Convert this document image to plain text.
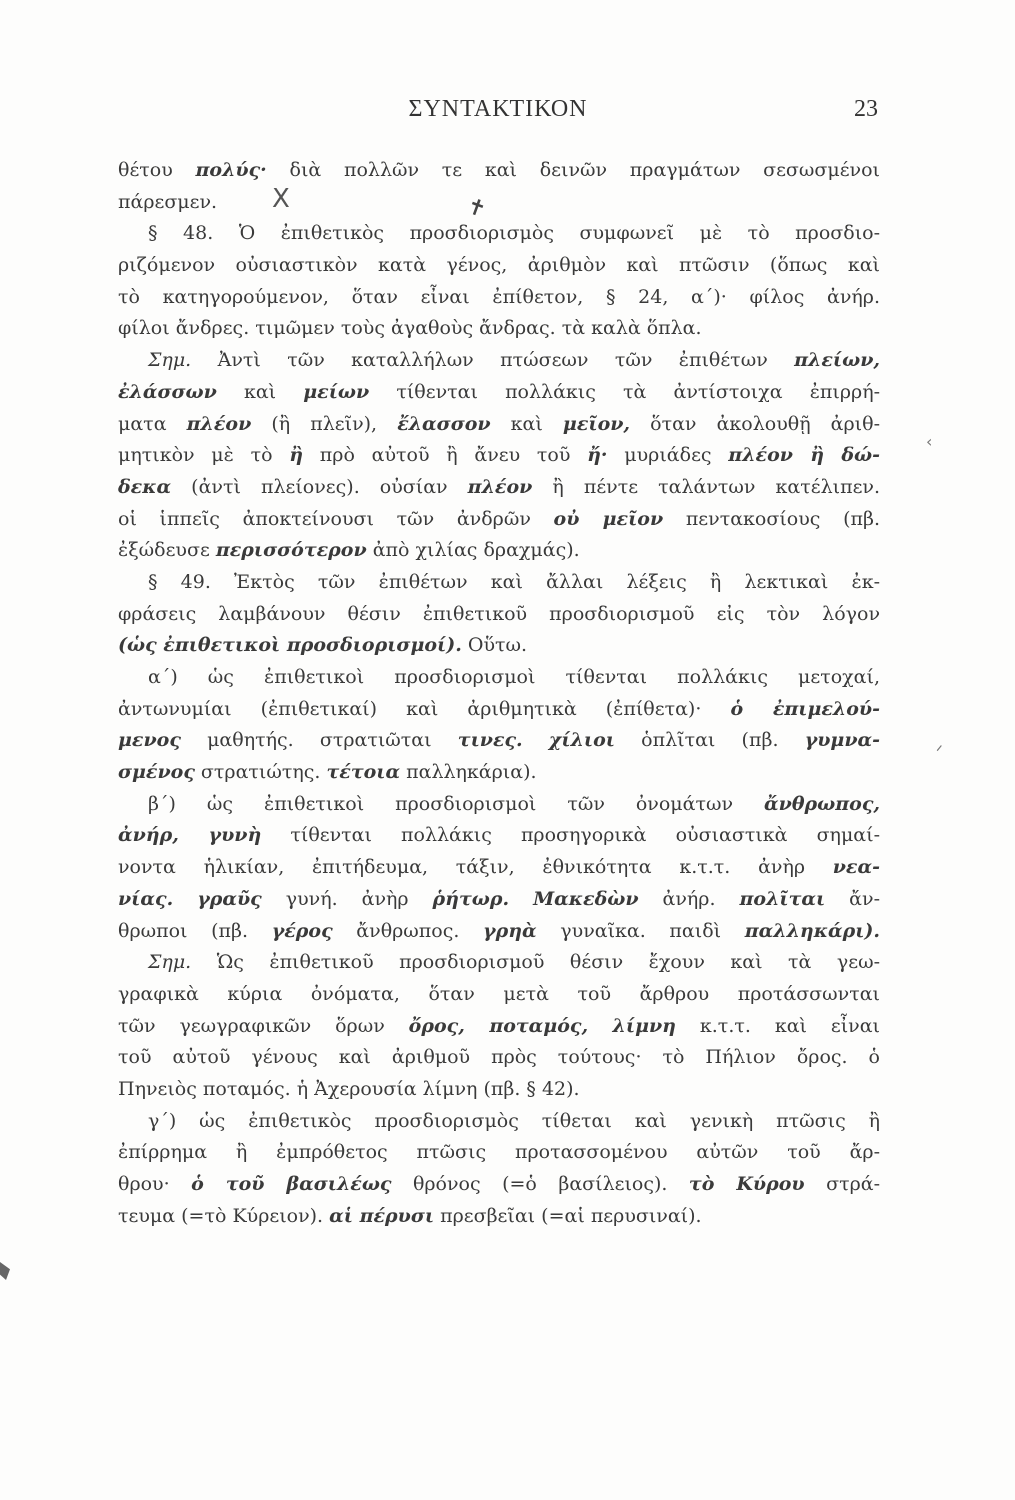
ΣΥΝΤΑΚΤΙΚΟΝ	23
θέτου πολύς· διὰ πολλῶν τε καὶ δεινῶν πραγμάτων σεσωσμένοι
πάρεσμεν.
§ 48. Ὁ ἐπιθετικὸς προσδιορισμὸς συμφωνεῖ μὲ τὸ προσδιο-
ριζόμενον οὐσιαστικὸν κατὰ γένος, ἀριθμὸν καὶ πτῶσιν (ὅπως καὶ
τὸ κατηγορούμενον, ὅταν εἶναι ἐπίθετον, § 24, α΄)· φίλος ἀνήρ.
φίλοι ἄνδρες. τιμῶμεν τοὺς ἀγαθοὺς ἄνδρας. τὰ καλὰ ὅπλα.
Σημ. Ἀντὶ τῶν καταλλήλων πτώσεων τῶν ἐπιθέτων πλείων,
ἐλάσσων καὶ μείων τίθενται πολλάκις τὰ ἀντίστοιχα ἐπιρρή-
ματα πλέον (ἢ πλεῖν), ἔλασσον καὶ μεῖον, ὅταν ἀκολουθῇ ἀριθ-
μητικὸν μὲ τὸ ἢ πρὸ αὐτοῦ ἢ ἄνευ τοῦ ἤ· μυριάδες πλέον ἢ δώ-
δεκα (ἀντὶ πλείονες). οὐσίαν πλέον ἢ πέντε ταλάντων κατέλιπεν.
οἱ ἱππεῖς ἀποκτείνουσι τῶν ἀνδρῶν οὐ μεῖον πεντακοσίους (πβ.
ἐξώδευσε περισσότερον ἀπὸ χιλίας δραχμάς).
§ 49. Ἐκτὸς τῶν ἐπιθέτων καὶ ἄλλαι λέξεις ἢ λεκτικαὶ ἐκ-
φράσεις λαμβάνουν θέσιν ἐπιθετικοῦ προσδιορισμοῦ εἰς τὸν λόγον
(ὡς ἐπιθετικοὶ προσδιορισμοί). Οὕτω.
α΄) ὡς ἐπιθετικοὶ προσδιορισμοὶ τίθενται πολλάκις μετοχαί,
ἀντωνυμίαι (ἐπιθετικαί) καὶ ἀριθμητικὰ (ἐπίθετα)· ὁ ἐπιμελού-
μενος μαθητής. στρατιῶται τινες. χίλιοι ὁπλῖται (πβ. γυμνα-
σμένος στρατιώτης. τέτοια παλληκάρια).
β΄) ὡς ἐπιθετικοὶ προσδιορισμοὶ τῶν ὀνομάτων ἄνθρωπος,
ἀνήρ, γυνὴ τίθενται πολλάκις προσηγορικὰ οὐσιαστικὰ σημαί-
νοντα ἡλικίαν, ἐπιτήδευμα, τάξιν, ἐθνικότητα κ.τ.τ. ἀνὴρ νεα-
νίας. γραῦς γυνή. ἀνὴρ ῥήτωρ. Μακεδὼν ἀνήρ. πολῖται ἄν-
θρωποι (πβ. γέρος ἄνθρωπος. γρηὰ γυναῖκα. παιδὶ παλληκάρι).
Σημ. Ὡς ἐπιθετικοῦ προσδιορισμοῦ θέσιν ἔχουν καὶ τὰ γεω-
γραφικὰ κύρια ὀνόματα, ὅταν μετὰ τοῦ ἄρθρου προτάσσωνται
τῶν γεωγραφικῶν ὅρων ὄρος, ποταμός, λίμνη κ.τ.τ. καὶ εἶναι
τοῦ αὐτοῦ γένους καὶ ἀριθμοῦ πρὸς τούτους· τὸ Πήλιον ὄρος. ὁ
Πηνειὸς ποταμός. ἡ Ἀχερουσία λίμνη (πβ. § 42).
γ΄) ὡς ἐπιθετικὸς προσδιορισμὸς τίθεται καὶ γενικὴ πτῶσις ἢ
ἐπίρρημα ἢ ἐμπρόθετος πτῶσις προτασσομένου αὐτῶν τοῦ ἄρ-
θρου· ὁ τοῦ βασιλέως θρόνος (=ὁ βασίλειος). τὸ Κύρου στρά-
τευμα (=τὸ Κύρειον). αἱ πέρυσι πρεσβεῖαι (=αἱ περυσιναί).
X	✝
ᐟ
‹
